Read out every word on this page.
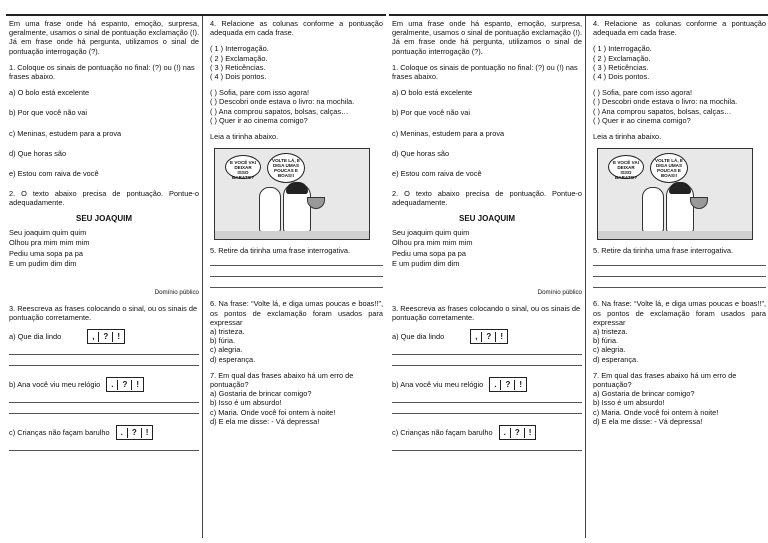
Em uma frase onde há espanto, emoção, surpresa, geralmente, usamos o sinal de pontuação exclamação (!). Já em frase onde há pergunta, utilizamos o sinal de pontuação interrogação (?).

1. Coloque os sinais de pontuação no final: (?) ou (!) nas frases abaixo.

a) O bolo está excelente

b) Por que você não vai

c) Meninas, estudem para a prova

d) Que horas são

e) Estou com raiva de você

2. O texto abaixo precisa de pontuação. Pontue-o adequadamente.

SEU JOAQUIM

Seu joaquim quim quim

Olhou pra mim mim mim

Pediu uma sopa pa pa

E um pudim dim dim

Domínio público

3. Reescreva as frases colocando o sinal, ou os sinais de pontuação corretamente.

a) Que dia lindo	,	?	!
b) Ana você viu meu relógio	.	?	!
c) Crianças não façam barulho	.	?	!

4. Relacione as colunas conforme a pontuação adequada em cada frase.

( 1 ) Interrogação.

( 2 ) Exclamação.

( 3 ) Reticências.

( 4 ) Dois pontos.

( ) Sofia, pare com isso agora!

( ) Descobri onde estava o livro: na mochila.

( ) Ana comprou sapatos, bolsas, calças…

( ) Quer ir ao cinema comigo?

Leia a tirinha abaixo.

E VOCÊ VAI DEIXAR ISSO BARATO?
VOLTE LÁ, E DIGA UMAS POUCAS E BOAS!!

5. Retire da tirinha uma frase interrogativa.

6. Na frase: “Volte lá, e diga umas poucas e boas!!”, os pontos de exclamação foram usados para expressar

a) tristeza.

b) fúria.

c) alegria.

d) esperança.

7. Em qual das frases abaixo há um erro de pontuação?

a) Gostaria de brincar comigo?

b) Isso é um absurdo!

c) Maria. Onde você foi ontem à noite!

d) E ela me disse: - Vá depressa!

Em uma frase onde há espanto, emoção, surpresa, geralmente, usamos o sinal de pontuação exclamação (!). Já em frase onde há pergunta, utilizamos o sinal de pontuação interrogação (?).

1. Coloque os sinais de pontuação no final: (?) ou (!) nas frases abaixo.

a) O bolo está excelente

b) Por que você não vai

c) Meninas, estudem para a prova

d) Que horas são

e) Estou com raiva de você

2. O texto abaixo precisa de pontuação. Pontue-o adequadamente.

SEU JOAQUIM

Seu joaquim quim quim

Olhou pra mim mim mim

Pediu uma sopa pa pa

E um pudim dim dim

Domínio público

3. Reescreva as frases colocando o sinal, ou os sinais de pontuação corretamente.

a) Que dia lindo	,	?	!
b) Ana você viu meu relógio	.	?	!
c) Crianças não façam barulho	.	?	!

4. Relacione as colunas conforme a pontuação adequada em cada frase.

( 1 ) Interrogação.

( 2 ) Exclamação.

( 3 ) Reticências.

( 4 ) Dois pontos.

( ) Sofia, pare com isso agora!

( ) Descobri onde estava o livro: na mochila.

( ) Ana comprou sapatos, bolsas, calças…

( ) Quer ir ao cinema comigo?

Leia a tirinha abaixo.

E VOCÊ VAI DEIXAR ISSO BARATO?
VOLTE LÁ, E DIGA UMAS POUCAS E BOAS!!

5. Retire da tirinha uma frase interrogativa.

6. Na frase: “Volte lá, e diga umas poucas e boas!!”, os pontos de exclamação foram usados para expressar

a) tristeza.

b) fúria.

c) alegria.

d) esperança.

7. Em qual das frases abaixo há um erro de pontuação?

a) Gostaria de brincar comigo?

b) Isso é um absurdo!

c) Maria. Onde você foi ontem à noite!

d) E ela me disse: - Vá depressa!
